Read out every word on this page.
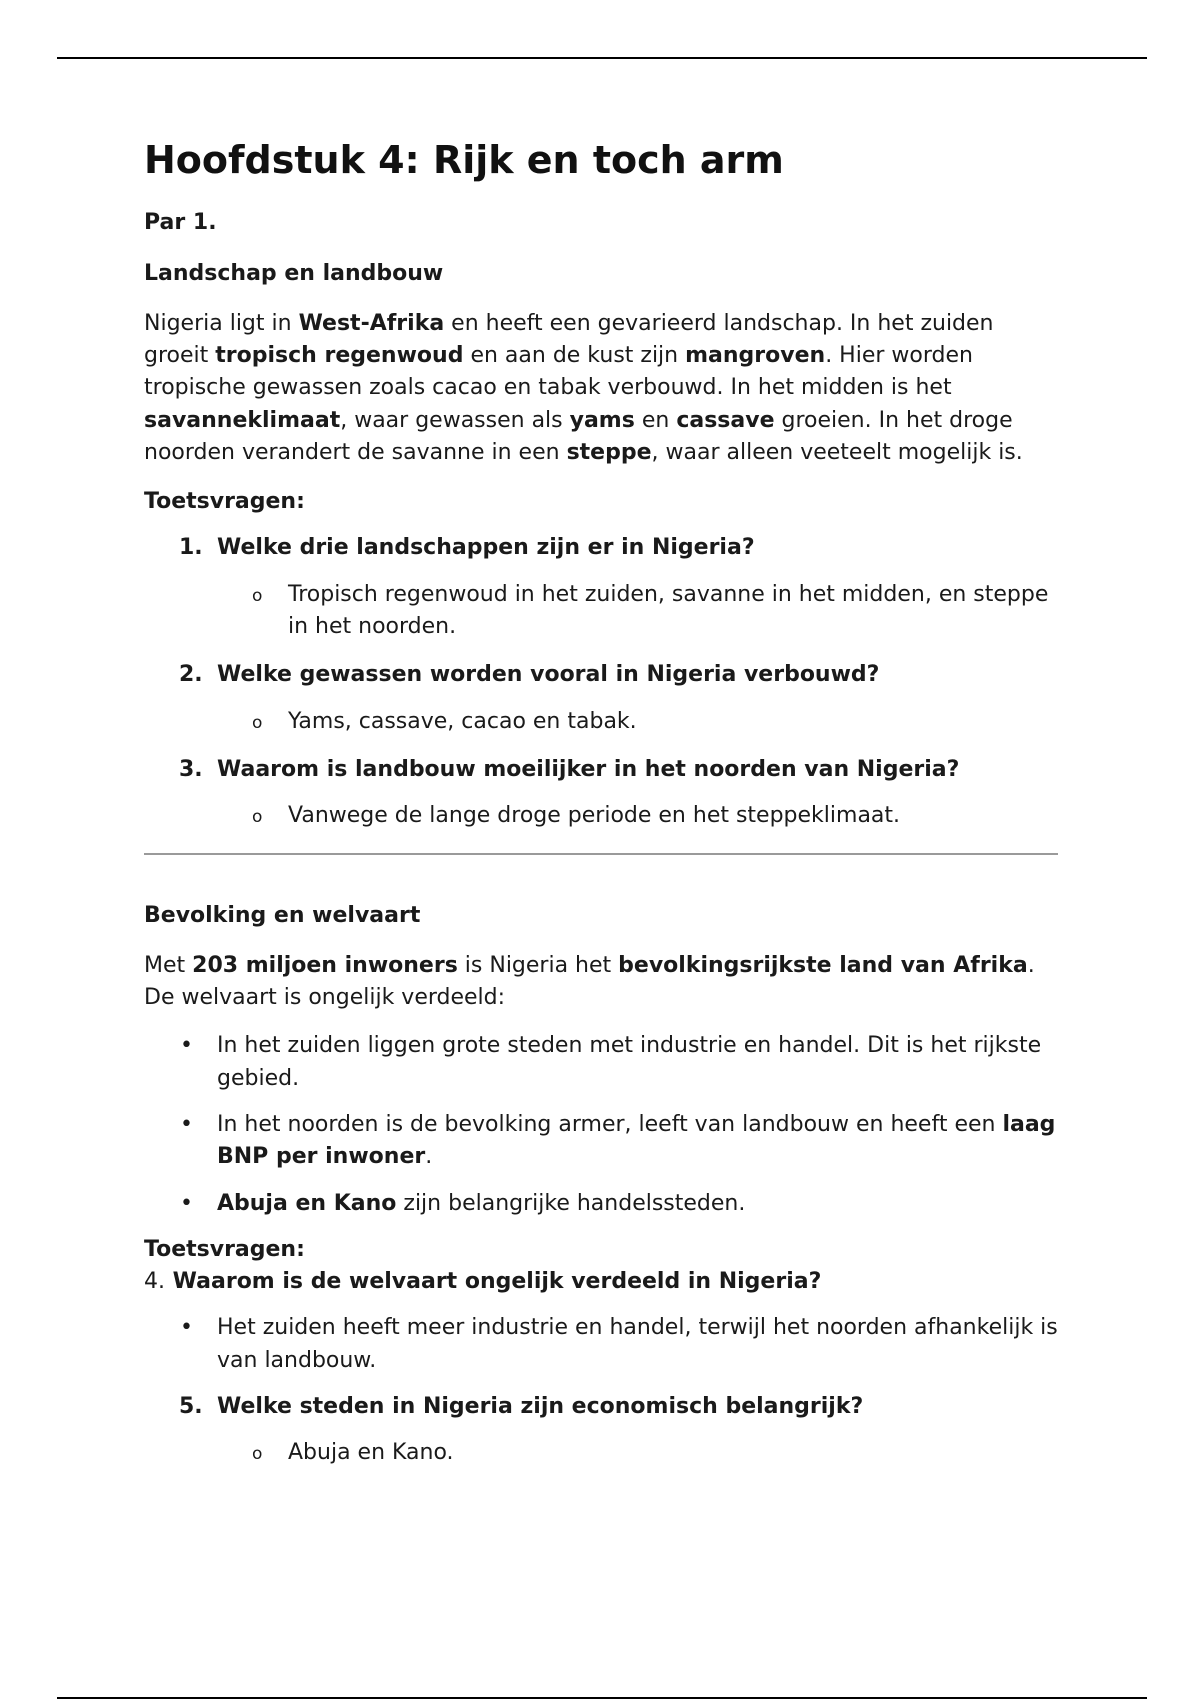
Hoofdstuk 4: Rijk en toch arm
Par 1.
Landschap en landbouw

Nigeria ligt in West-Afrika en heeft een gevarieerd landschap. In het zuiden groeit tropisch regenwoud en aan de kust zijn mangroven. Hier worden tropische gewassen zoals cacao en tabak verbouwd. In het midden is het savanneklimaat, waar gewassen als yams en cassave groeien. In het droge noorden verandert de savanne in een steppe, waar alleen veeteelt mogelijk is.

Toetsvragen:
1. Welke drie landschappen zijn er in Nigeria?
o Tropisch regenwoud in het zuiden, savanne in het midden, en steppe in het noorden.
2. Welke gewassen worden vooral in Nigeria verbouwd?
o Yams, cassave, cacao en tabak.
3. Waarom is landbouw moeilijker in het noorden van Nigeria?
o Vanwege de lange droge periode en het steppeklimaat.
Bevolking en welvaart

Met 203 miljoen inwoners is Nigeria het bevolkingsrijkste land van Afrika. De welvaart is ongelijk verdeeld:

• In het zuiden liggen grote steden met industrie en handel. Dit is het rijkste gebied.
• In het noorden is de bevolking armer, leeft van landbouw en heeft een laag BNP per inwoner.
• Abuja en Kano zijn belangrijke handelssteden.
Toetsvragen:
4. Waarom is de welvaart ongelijk verdeeld in Nigeria?
• Het zuiden heeft meer industrie en handel, terwijl het noorden afhankelijk is van landbouw.
5. Welke steden in Nigeria zijn economisch belangrijk?
o Abuja en Kano.
